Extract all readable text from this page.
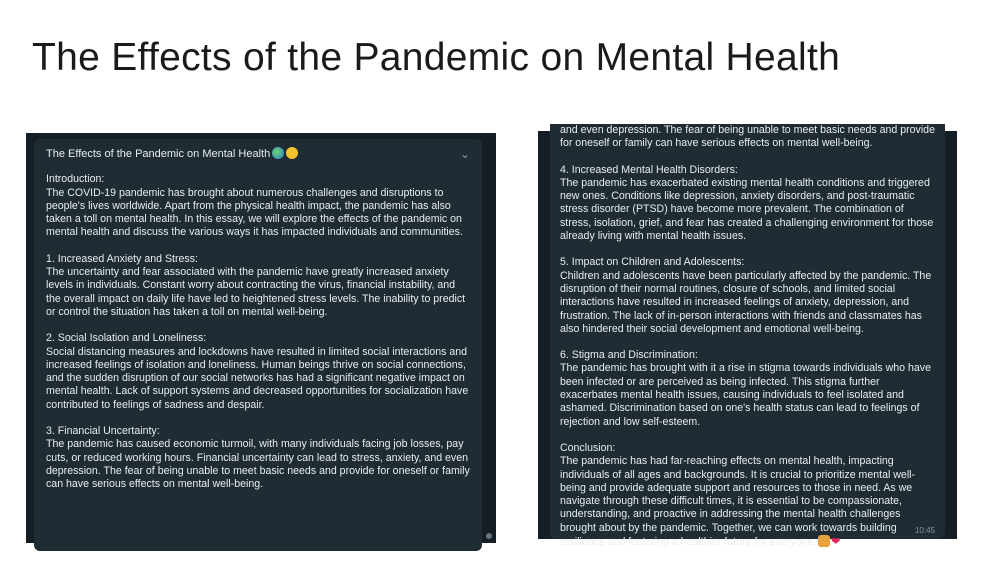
The Effects of the Pandemic on Mental Health
The Effects of the Pandemic on Mental Health	⌄
Introduction:
The COVID-19 pandemic has brought about numerous challenges and disruptions to people's lives worldwide. Apart from the physical health impact, the pandemic has also taken a toll on mental health. In this essay, we will explore the effects of the pandemic on mental health and discuss the various ways it has impacted individuals and communities.
1. Increased Anxiety and Stress:
The uncertainty and fear associated with the pandemic have greatly increased anxiety levels in individuals. Constant worry about contracting the virus, financial instability, and the overall impact on daily life have led to heightened stress levels. The inability to predict or control the situation has taken a toll on mental well-being.
2. Social Isolation and Loneliness:
Social distancing measures and lockdowns have resulted in limited social interactions and increased feelings of isolation and loneliness. Human beings thrive on social connections, and the sudden disruption of our social networks has had a significant negative impact on mental health. Lack of support systems and decreased opportunities for socialization have contributed to feelings of sadness and despair.
3. Financial Uncertainty:
The pandemic has caused economic turmoil, with many individuals facing job losses, pay cuts, or reduced working hours. Financial uncertainty can lead to stress, anxiety, and even depression. The fear of being unable to meet basic needs and provide for oneself or family can have serious effects on mental well-being.
and even depression. The fear of being unable to meet basic needs and provide for oneself or family can have serious effects on mental well-being.
4. Increased Mental Health Disorders:
The pandemic has exacerbated existing mental health conditions and triggered new ones. Conditions like depression, anxiety disorders, and post-traumatic stress disorder (PTSD) have become more prevalent. The combination of stress, isolation, grief, and fear has created a challenging environment for those already living with mental health issues.
5. Impact on Children and Adolescents:
Children and adolescents have been particularly affected by the pandemic. The disruption of their normal routines, closure of schools, and limited social interactions have resulted in increased feelings of anxiety, depression, and frustration. The lack of in-person interactions with friends and classmates has also hindered their social development and emotional well-being.
6. Stigma and Discrimination:
The pandemic has brought with it a rise in stigma towards individuals who have been infected or are perceived as being infected. This stigma further exacerbates mental health issues, causing individuals to feel isolated and ashamed. Discrimination based on one's health status can lead to feelings of rejection and low self-esteem.
Conclusion:
The pandemic has had far-reaching effects on mental health, impacting individuals of all ages and backgrounds. It is crucial to prioritize mental well-being and provide adequate support and resources to those in need. As we navigate through these difficult times, it is essential to be compassionate, understanding, and proactive in addressing the mental health challenges brought about by the pandemic. Together, we can work towards building resilience and fostering a healthier future for everyone. ❤
10:45
